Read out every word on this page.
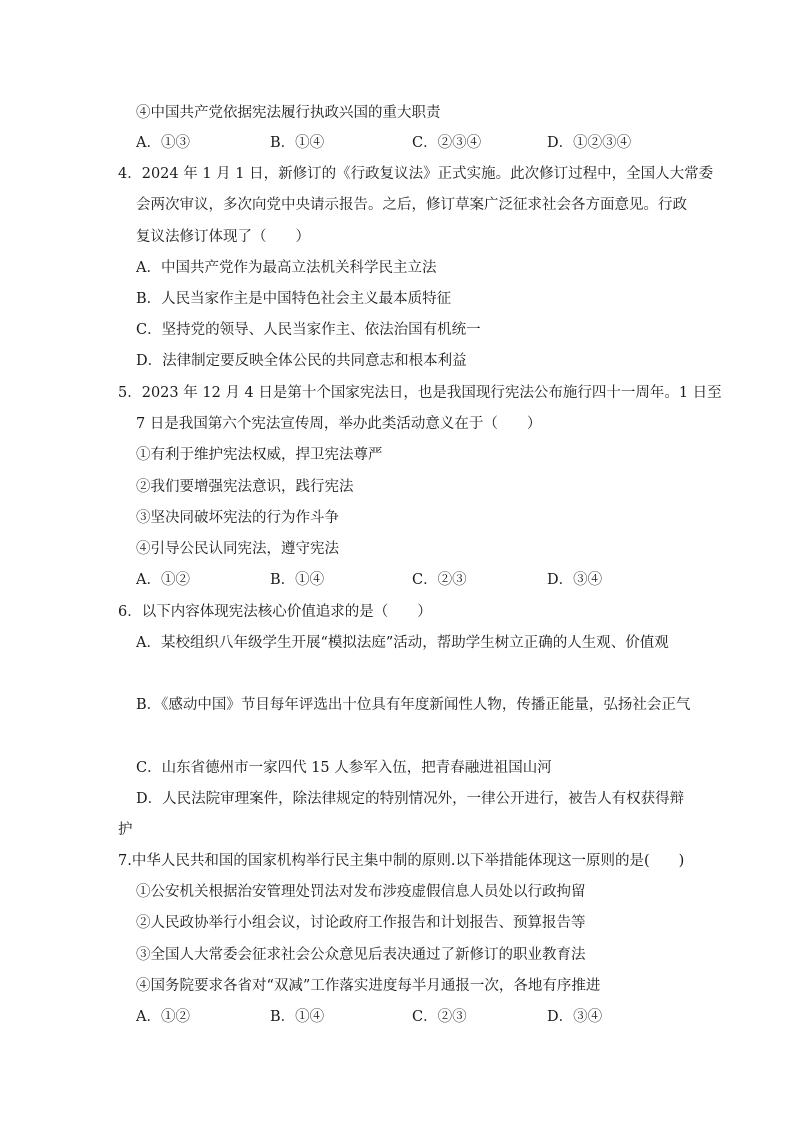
④中国共产党依据宪法履行执政兴国的重大职责
A．①③	B．①④	C．②③④	D．①②③④
4．2024 年 1 月 1 日，新修订的《行政复议法》正式实施。此次修订过程中，全国人大常委
会两次审议，多次向党中央请示报告。之后，修订草案广泛征求社会各方面意见。行政
复议法修订体现了（　　）
A．中国共产党作为最高立法机关科学民主立法
B．人民当家作主是中国特色社会主义最本质特征
C．坚持党的领导、人民当家作主、依法治国有机统一
D．法律制定要反映全体公民的共同意志和根本利益
5．2023 年 12 月 4 日是第十个国家宪法日，也是我国现行宪法公布施行四十一周年。1 日至
7 日是我国第六个宪法宣传周，举办此类活动意义在于（　　）
①有利于维护宪法权威，捍卫宪法尊严
②我们要增强宪法意识，践行宪法
③坚决同破坏宪法的行为作斗争
④引导公民认同宪法，遵守宪法
A．①②	B．①④	C．②③	D．③④
6．以下内容体现宪法核心价值追求的是（　　）
A．某校组织八年级学生开展“模拟法庭”活动，帮助学生树立正确的人生观、价值观
B．《感动中国》节目每年评选出十位具有年度新闻性人物，传播正能量，弘扬社会正气
C．山东省德州市一家四代 15 人参军入伍，把青春融进祖国山河
D．人民法院审理案件，除法律规定的特别情况外，一律公开进行，被告人有权获得辩
护
7.中华人民共和国的国家机构举行民主集中制的原则.以下举措能体现这一原则的是(　　)
①公安机关根据治安管理处罚法对发布涉疫虚假信息人员处以行政拘留
②人民政协举行小组会议，讨论政府工作报告和计划报告、预算报告等
③全国人大常委会征求社会公众意见后表决通过了新修订的职业教育法
④国务院要求各省对“双减”工作落实进度每半月通报一次，各地有序推进
A．①②	B．①④	C．②③	D．③④
